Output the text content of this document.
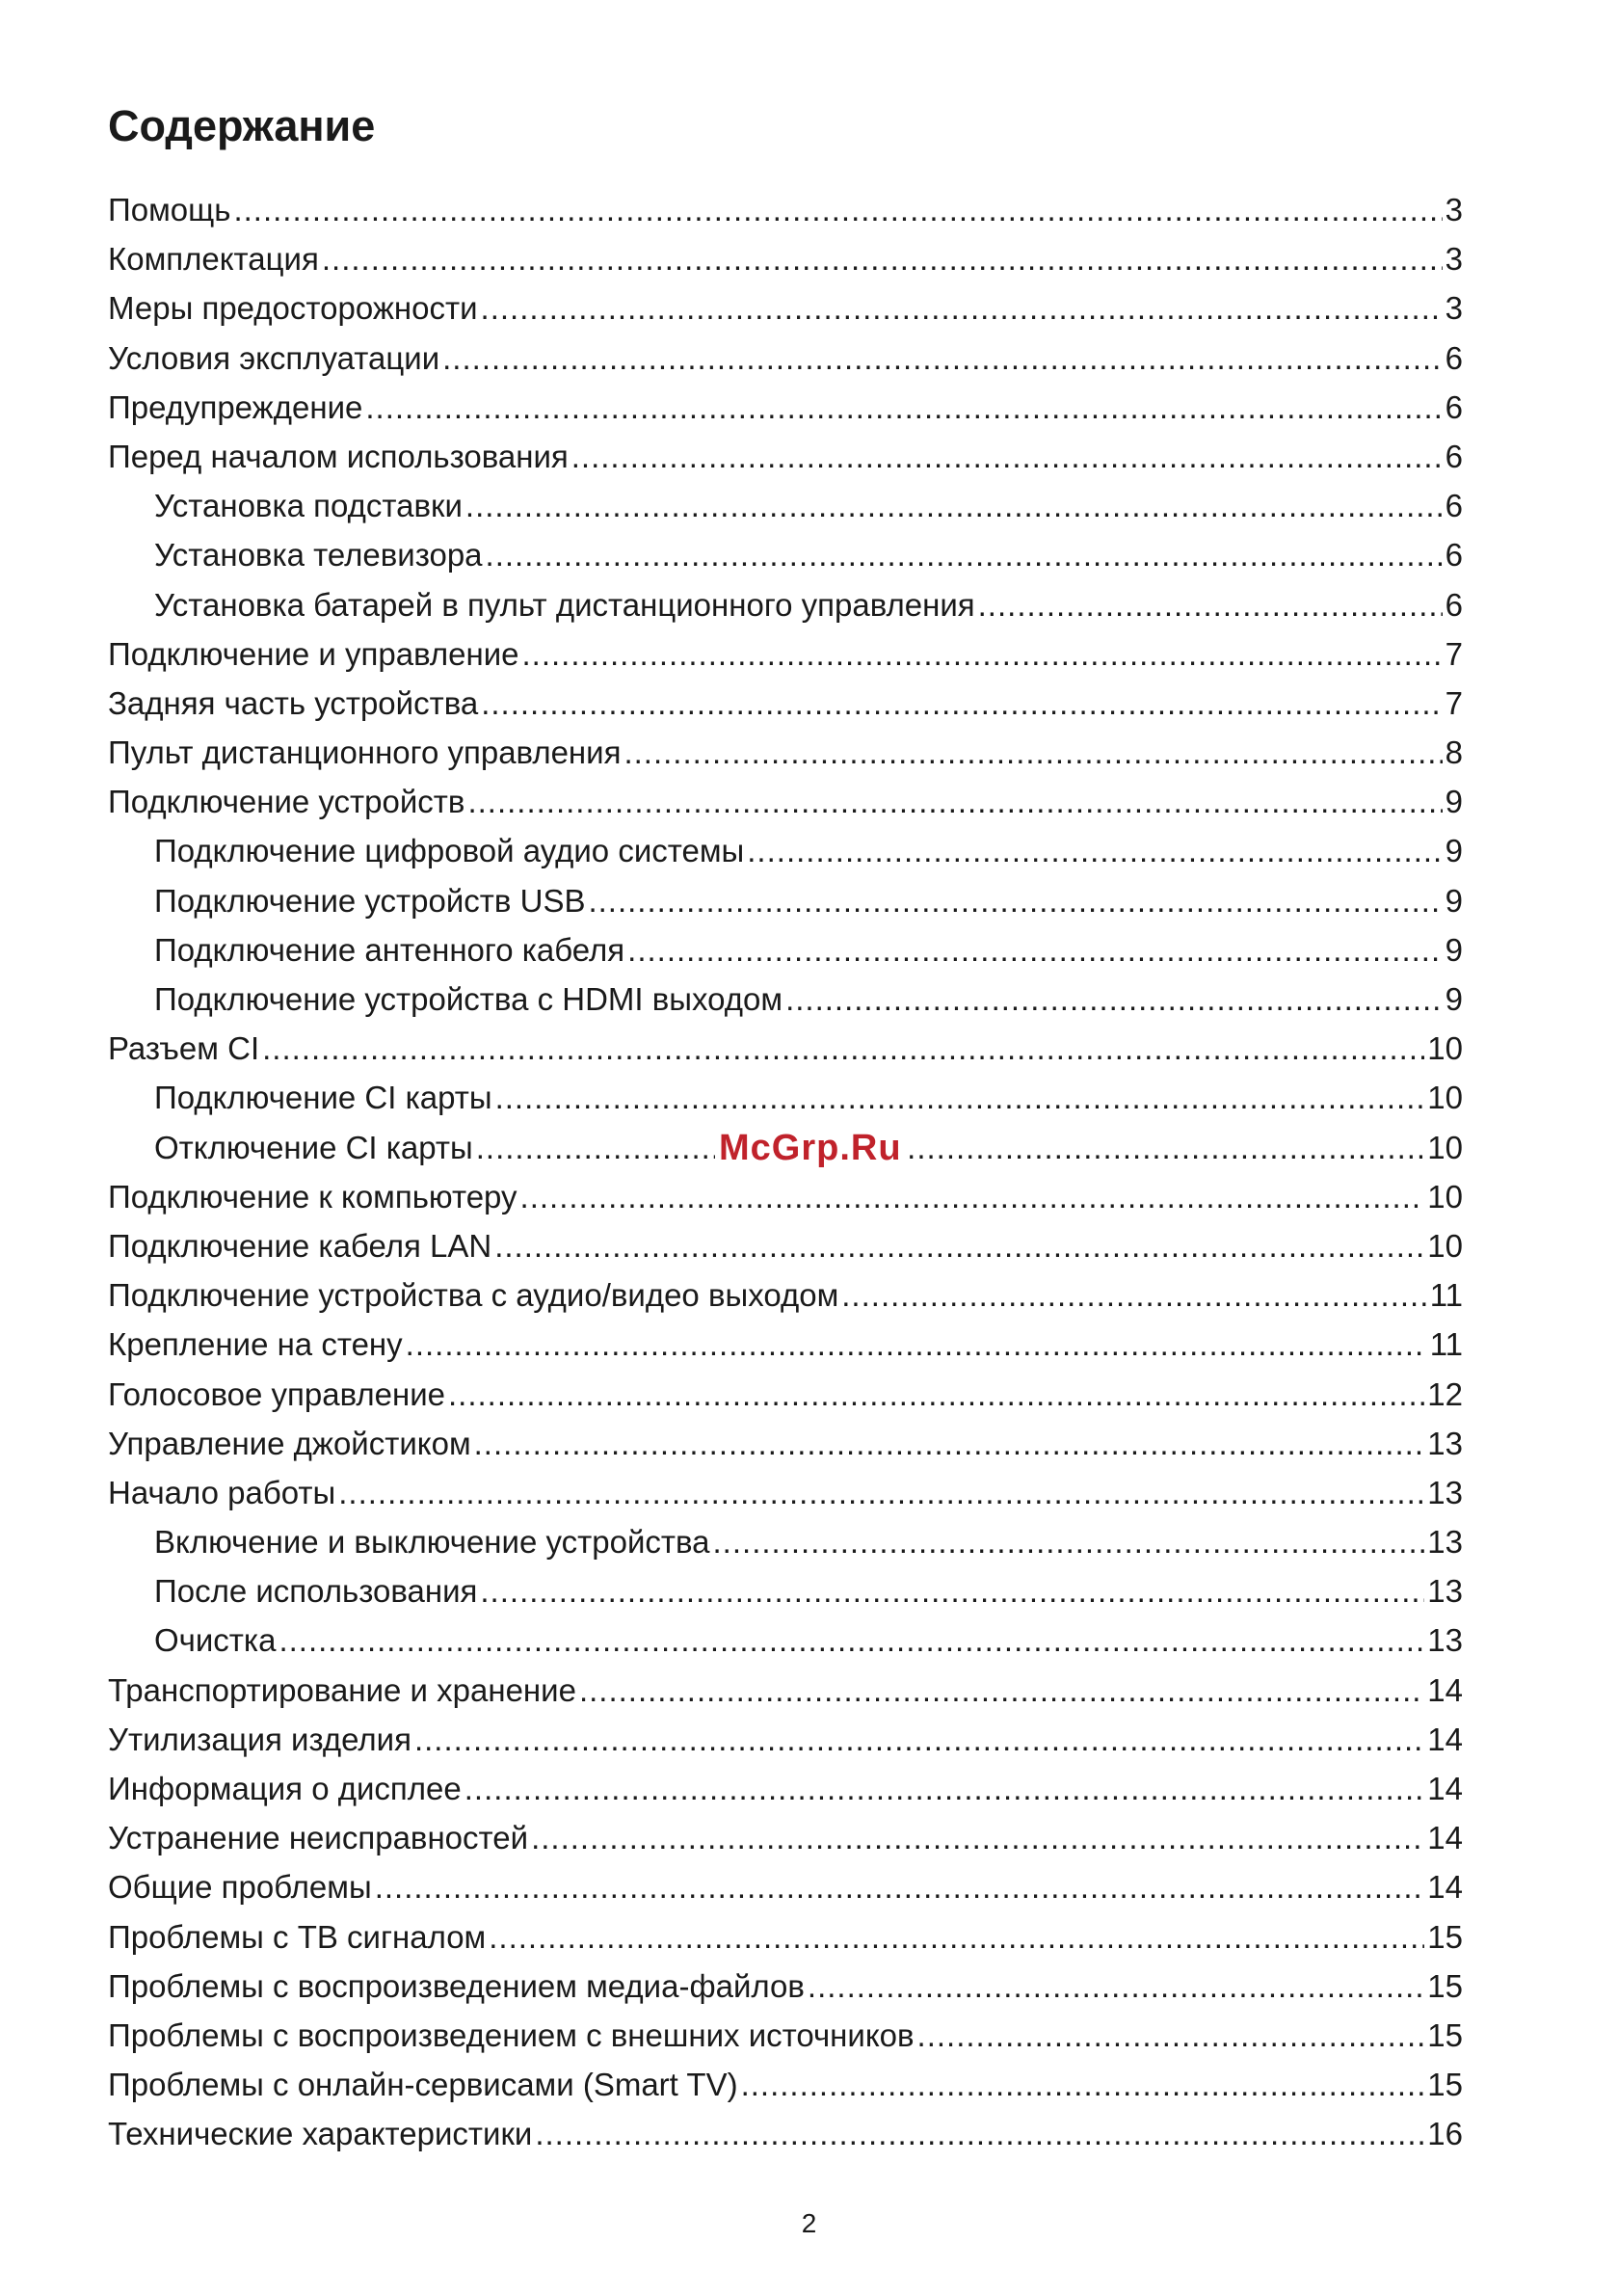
Содержание
Помощь .....	3
Комплектация .....	3
Меры предосторожности .....	3
Условия эксплуатации .....	6
Предупреждение .....	6
Перед началом использования .....	6
Установка подставки .....	6
Установка телевизора .....	6
Установка батарей в пульт дистанционного управления .....	6
Подключение и управление .....	7
Задняя часть устройства .....	7
Пульт дистанционного управления .....	8
Подключение устройств .....	9
Подключение цифровой аудио системы .....	9
Подключение устройств USB .....	9
Подключение антенного кабеля .....	9
Подключение устройства с HDMI выходом .....	9
Разъем CI .....	10
Подключение CI карты .....	10
Отключение CI карты .....	10
Подключение к компьютеру .....	10
Подключение кабеля LAN .....	10
Подключение устройства с аудио/видео выходом .....	11
Крепление на стену .....	11
Голосовое управление .....	12
Управление джойстиком .....	13
Начало работы .....	13
Включение и выключение устройства .....	13
После использования .....	13
Очистка .....	13
Транспортирование и хранение .....	14
Утилизация изделия .....	14
Информация о дисплее .....	14
Устранение неисправностей .....	14
Общие проблемы .....	14
Проблемы с ТВ сигналом .....	15
Проблемы с воспроизведением медиа-файлов .....	15
Проблемы с воспроизведением с внешних источников .....	15
Проблемы с онлайн-сервисами (Smart TV) .....	15
Технические характеристики .....	16
McGrp.Ru
2
